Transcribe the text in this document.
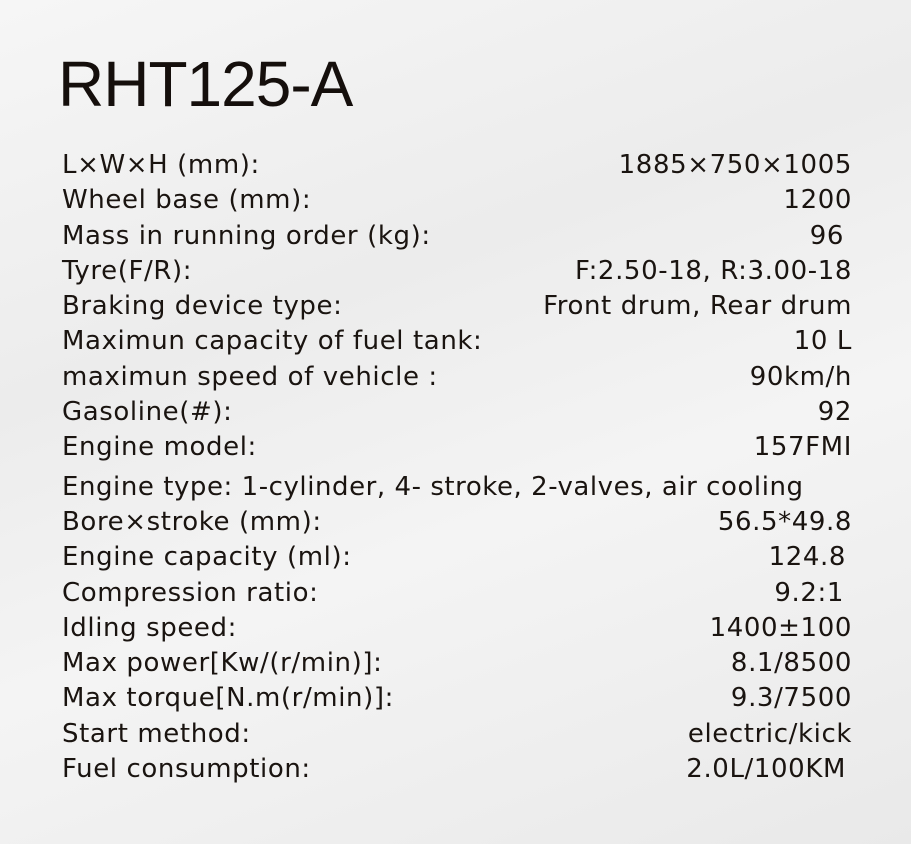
RHT125-A
L×W×H (mm):	1885×750×1005
Wheel base (mm):	1200
Mass in running order (kg):	96
Tyre(F/R):	F:2.50-18, R:3.00-18
Braking device type:	Front drum, Rear drum
Maximun capacity of fuel tank:	10 L
maximun speed of vehicle :	90km/h
Gasoline(#):	92
Engine model:	157FMI
Engine type: 1-cylinder, 4- stroke, 2-valves, air cooling
Bore×stroke (mm):	56.5*49.8
Engine capacity (ml):	124.8
Compression ratio:	9.2:1
Idling speed:	1400±100
Max power[Kw/(r/min)]:	8.1/8500
Max torque[N.m(r/min)]:	9.3/7500
Start method:	electric/kick
Fuel consumption:	2.0L/100KM
